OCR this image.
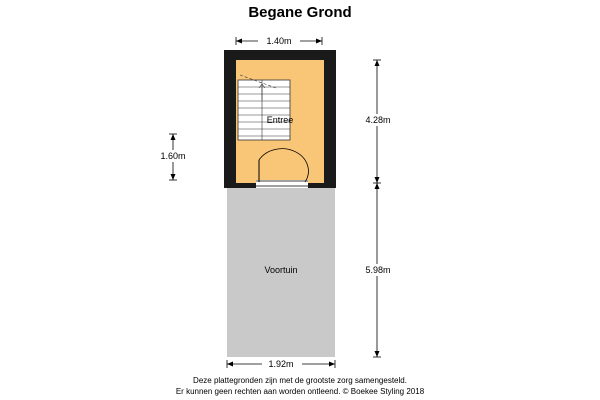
Begane Grond
Entree
Voortuin
1.40m
4.28m
1.60m
5.98m
1.92m
Deze plattegronden zijn met de grootste zorg samengesteld.
Er kunnen geen rechten aan worden ontleend. © Boekee Styling 2018
